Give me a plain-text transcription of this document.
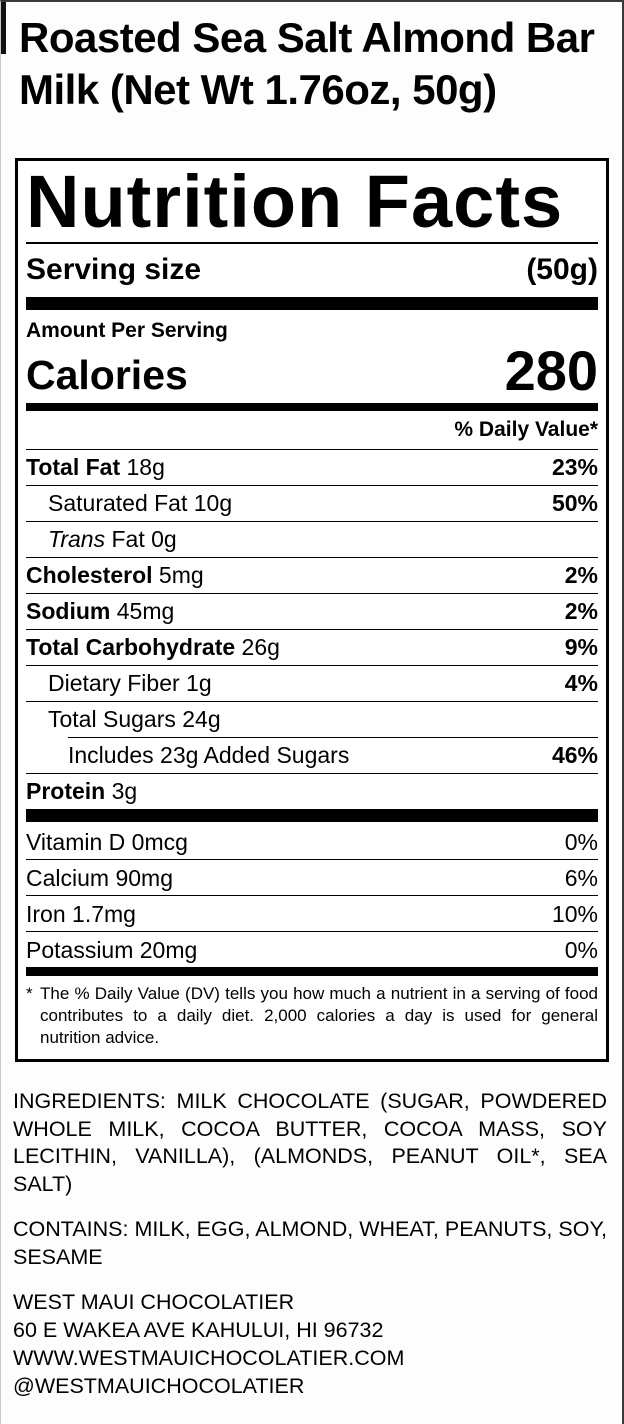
Roasted Sea Salt Almond Bar
Milk (Net Wt 1.76oz, 50g)
Nutrition Facts
Serving size	(50g)
Amount Per Serving
Calories	280
% Daily Value*
Total Fat 18g	23%
Saturated Fat 10g	50%
Trans Fat 0g
Cholesterol 5mg	2%
Sodium 45mg	2%
Total Carbohydrate 26g	9%
Dietary Fiber 1g	4%
Total Sugars 24g
Includes 23g Added Sugars	46%
Protein 3g
Vitamin D 0mcg	0%
Calcium 90mg	6%
Iron 1.7mg	10%
Potassium 20mg	0%
* The % Daily Value (DV) tells you how much a nutrient in a serving of food contributes to a daily diet. 2,000 calories a day is used for general nutrition advice.
INGREDIENTS: MILK CHOCOLATE (SUGAR, POWDERED WHOLE MILK, COCOA BUTTER, COCOA MASS, SOY LECITHIN, VANILLA), (ALMONDS, PEANUT OIL*, SEA SALT)
CONTAINS: MILK, EGG, ALMOND, WHEAT, PEANUTS, SOY, SESAME
WEST MAUI CHOCOLATIER
60 E WAKEA AVE KAHULUI, HI 96732
WWW.WESTMAUICHOCOLATIER.COM
@WESTMAUICHOCOLATIER
